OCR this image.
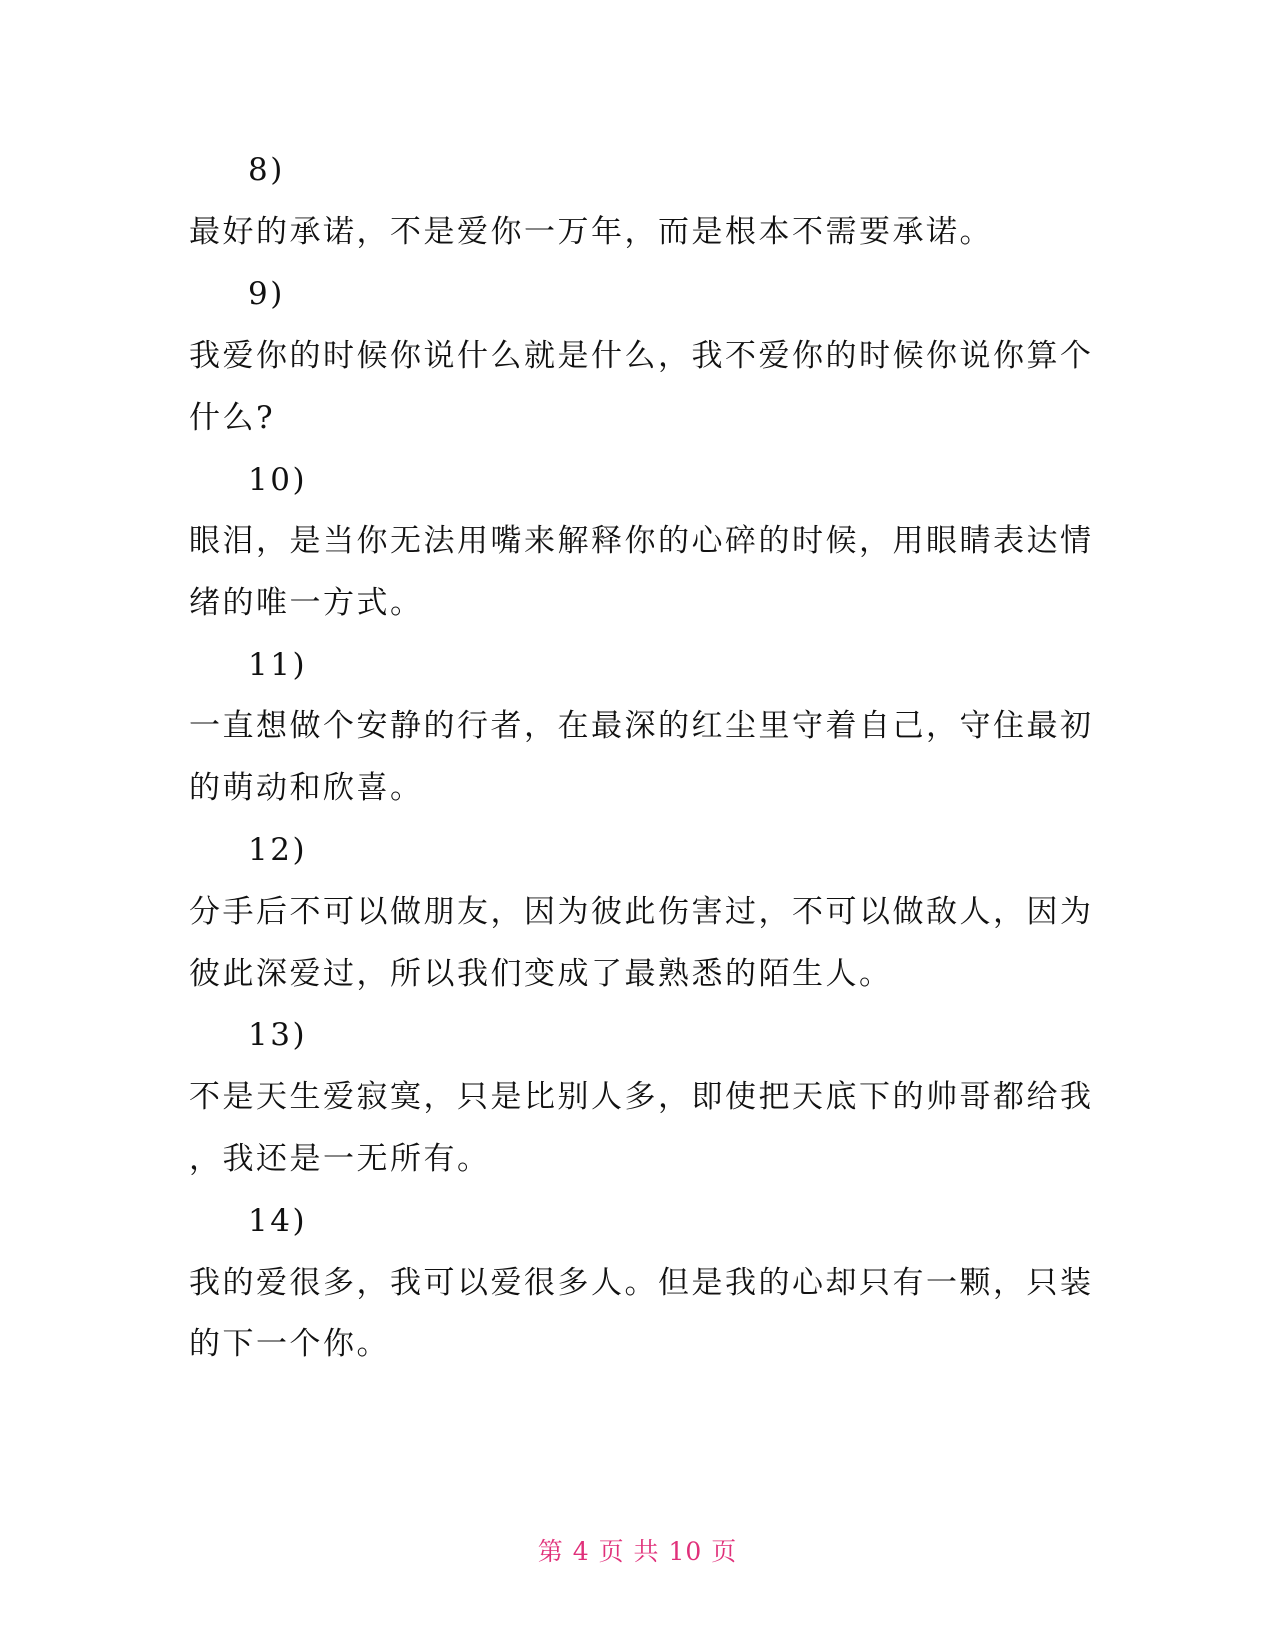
8)
最好的承诺，不是爱你一万年，而是根本不需要承诺。
9)
我爱你的时候你说什么就是什么，我不爱你的时候你说你算个
什么?
10)
眼泪，是当你无法用嘴来解释你的心碎的时候，用眼睛表达情
绪的唯一方式。
11)
一直想做个安静的行者，在最深的红尘里守着自己，守住最初
的萌动和欣喜。
12)
分手后不可以做朋友，因为彼此伤害过，不可以做敌人，因为
彼此深爱过，所以我们变成了最熟悉的陌生人。
13)
不是天生爱寂寞，只是比别人多，即使把天底下的帅哥都给我
，我还是一无所有。
14)
我的爱很多，我可以爱很多人。但是我的心却只有一颗，只装
的下一个你。
第 4 页 共 10 页
